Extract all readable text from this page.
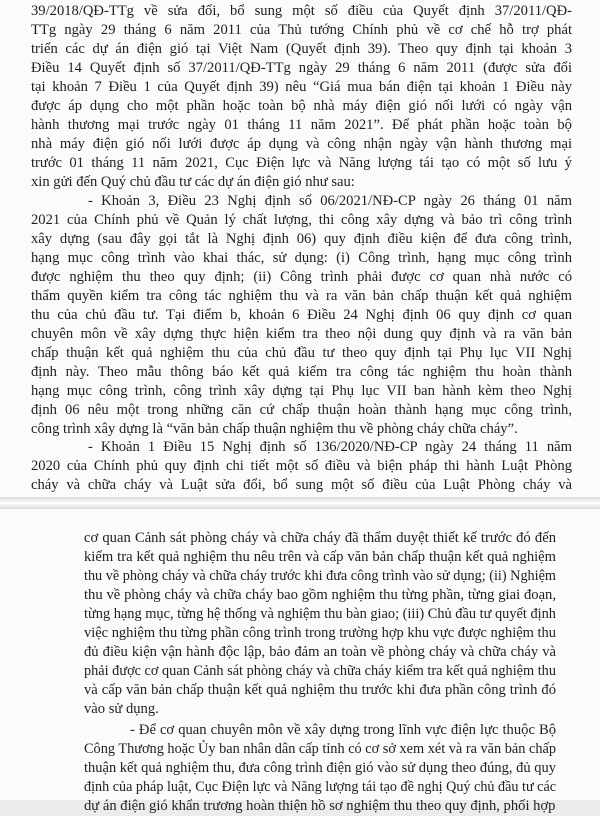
39/2018/QĐ-TTg về sửa đổi, bổ sung một số điều của Quyết định 37/2011/QĐ-
TTg ngày 29 tháng 6 năm 2011 của Thủ tướng Chính phủ về cơ chế hỗ trợ phát
triển các dự án điện gió tại Việt Nam (Quyết định 39). Theo quy định tại khoản 3
Điều 14 Quyết định số 37/2011/QĐ-TTg ngày 29 tháng 6 năm 2011 (được sửa đổi
tại khoản 7 Điều 1 của Quyết định 39) nêu “Giá mua bán điện tại khoản 1 Điều này
được áp dụng cho một phần hoặc toàn bộ nhà máy điện gió nối lưới có ngày vận
hành thương mại trước ngày 01 tháng 11 năm 2021”. Để phát phần hoặc toàn bộ
nhà máy điện gió nối lưới được áp dụng và công nhận ngày vận hành thương mại
trước 01 tháng 11 năm 2021, Cục Điện lực và Năng lượng tái tạo có một số lưu ý
xin gửi đến Quý chủ đầu tư các dự án điện gió như sau:
- Khoản 3, Điều 23 Nghị định số 06/2021/NĐ-CP ngày 26 tháng 01 năm
2021 của Chính phủ về Quản lý chất lượng, thi công xây dựng và bảo trì công trình
xây dựng (sau đây gọi tắt là Nghị định 06) quy định điều kiện để đưa công trình,
hạng mục công trình vào khai thác, sử dụng: (i) Công trình, hạng mục công trình
được nghiệm thu theo quy định; (ii) Công trình phải được cơ quan nhà nước có
thẩm quyền kiểm tra công tác nghiệm thu và ra văn bản chấp thuận kết quả nghiệm
thu của chủ đầu tư. Tại điểm b, khoản 6 Điều 24 Nghị định 06 quy định cơ quan
chuyên môn về xây dựng thực hiện kiểm tra theo nội dung quy định và ra văn bản
chấp thuận kết quả nghiệm thu của chủ đầu tư theo quy định tại Phụ lục VII Nghị
định này. Theo mẫu thông báo kết quả kiểm tra công tác nghiệm thu hoàn thành
hạng mục công trình, công trình xây dựng tại Phụ lục VII ban hành kèm theo Nghị
định 06 nêu một trong những căn cứ chấp thuận hoàn thành hạng mục công trình,
công trình xây dựng là “văn bản chấp thuận nghiệm thu về phòng cháy chữa cháy”.
- Khoản 1 Điều 15 Nghị định số 136/2020/NĐ-CP ngày 24 tháng 11 năm
2020 của Chính phủ quy định chi tiết một số điều và biện pháp thi hành Luật Phòng
cháy và chữa cháy và Luật sửa đổi, bổ sung một số điều của Luật Phòng cháy và
cơ quan Cảnh sát phòng cháy và chữa cháy đã thẩm duyệt thiết kế trước đó đến
kiểm tra kết quả nghiệm thu nêu trên và cấp văn bản chấp thuận kết quả nghiệm
thu về phòng cháy và chữa cháy trước khi đưa công trình vào sử dụng; (ii) Nghiệm
thu về phòng cháy và chữa cháy bao gồm nghiệm thu từng phần, từng giai đoạn,
từng hạng mục, từng hệ thống và nghiệm thu bàn giao; (iii) Chủ đầu tư quyết định
việc nghiệm thu từng phần công trình trong trường hợp khu vực được nghiệm thu
đủ điều kiện vận hành độc lập, bảo đảm an toàn về phòng cháy và chữa cháy và
phải được cơ quan Cảnh sát phòng cháy và chữa cháy kiểm tra kết quả nghiệm thu
và cấp văn bản chấp thuận kết quả nghiệm thu trước khi đưa phần công trình đó
vào sử dụng.
- Để cơ quan chuyên môn về xây dựng trong lĩnh vực điện lực thuộc Bộ
Công Thương hoặc Ủy ban nhân dân cấp tỉnh có cơ sở xem xét và ra văn bản chấp
thuận kết quả nghiệm thu, đưa công trình điện gió vào sử dụng theo đúng, đủ quy
định của pháp luật, Cục Điện lực và Năng lượng tái tạo đề nghị Quý chủ đầu tư các
dự án điện gió khẩn trương hoàn thiện hồ sơ nghiệm thu theo quy định, phối hợp
